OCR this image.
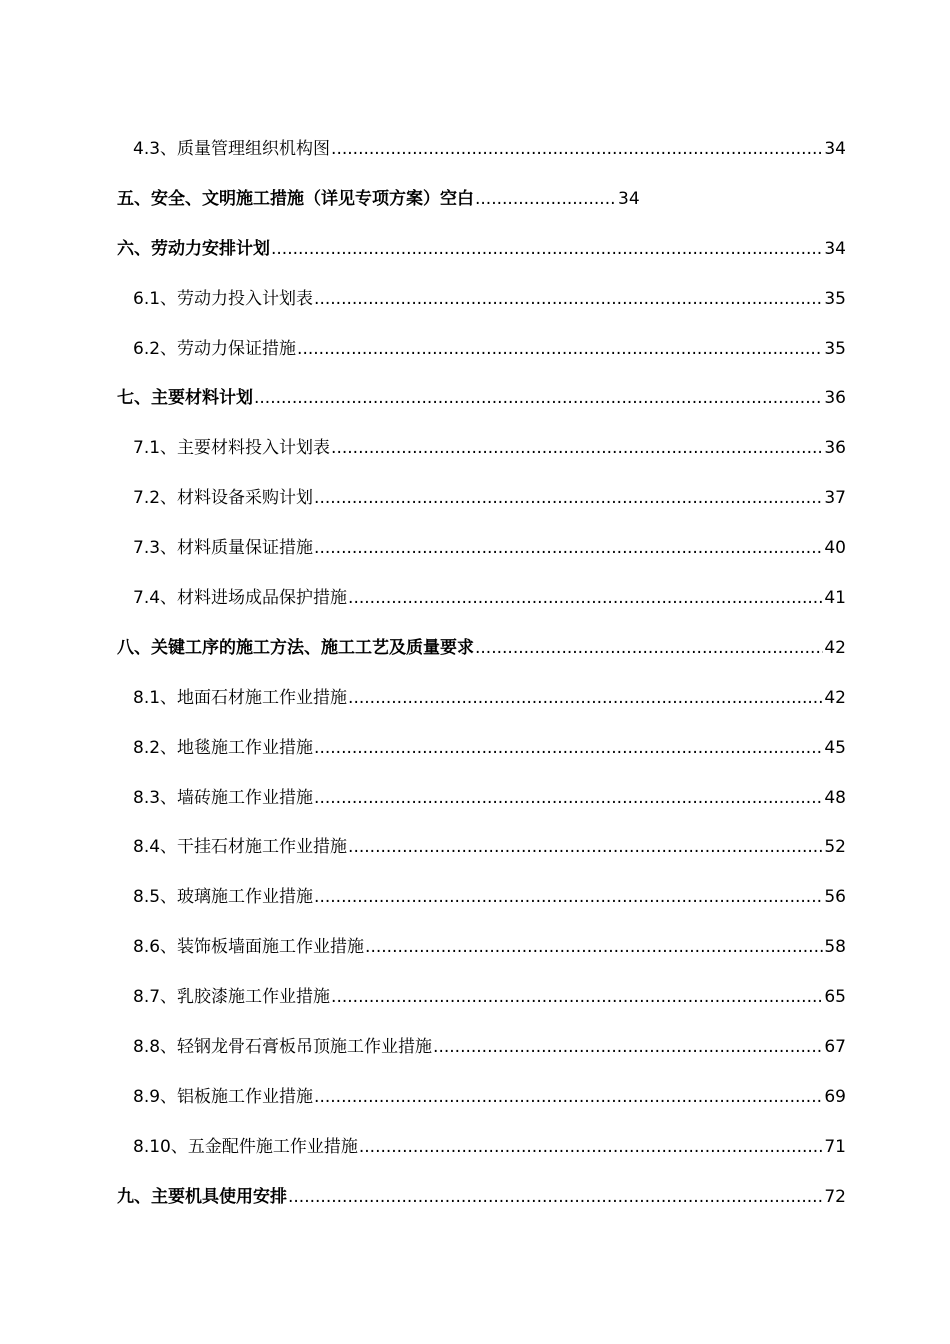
4.3、质量管理组织机构图 .....	34
五、安全、文明施工措施（详见专项方案）空白 .....	34
六、劳动力安排计划 .....	34
6.1、劳动力投入计划表 .....	35
6.2、劳动力保证措施 .....	35
七、主要材料计划 .....	36
7.1、主要材料投入计划表 .....	36
7.2、材料设备采购计划 .....	37
7.3、材料质量保证措施 .....	40
7.4、材料进场成品保护措施 .....	41
八、关键工序的施工方法、施工工艺及质量要求 .....	42
8.1、地面石材施工作业措施 .....	42
8.2、地毯施工作业措施 .....	45
8.3、墙砖施工作业措施 .....	48
8.4、干挂石材施工作业措施 .....	52
8.5、玻璃施工作业措施 .....	56
8.6、装饰板墙面施工作业措施 .....	58
8.7、乳胶漆施工作业措施 .....	65
8.8、轻钢龙骨石膏板吊顶施工作业措施 .....	67
8.9、铝板施工作业措施 .....	69
8.10、五金配件施工作业措施 .....	71
九、主要机具使用安排 .....	72
